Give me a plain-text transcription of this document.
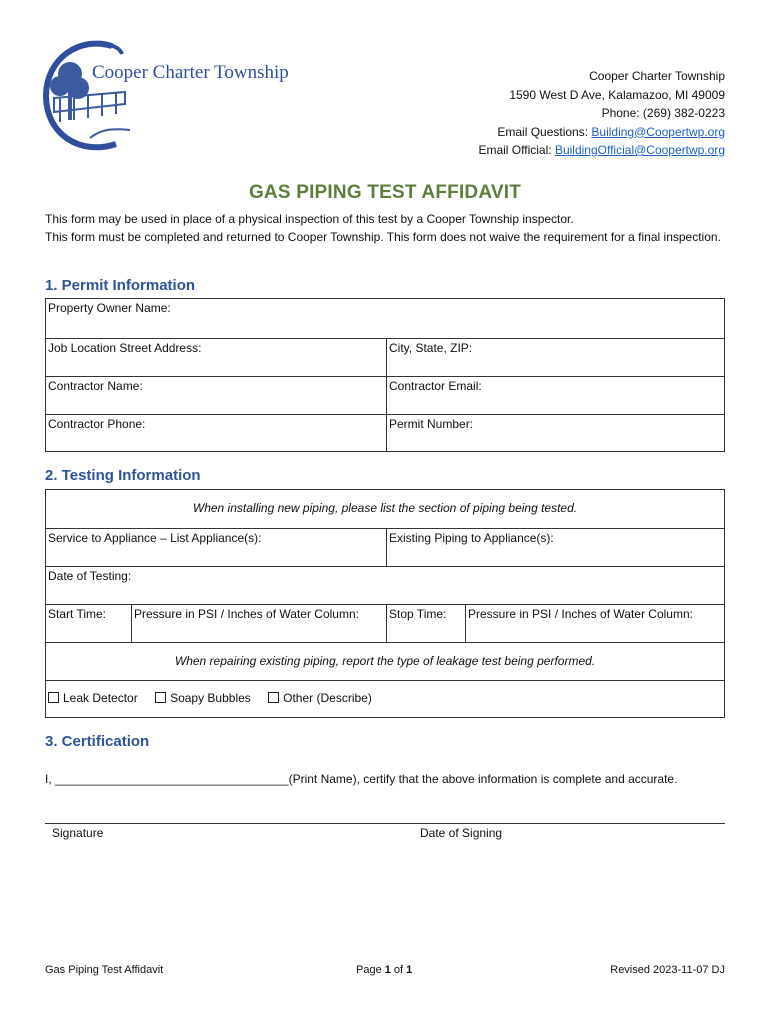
Cooper Charter Township	Cooper Charter Township
1590 West D Ave, Kalamazoo, MI 49009
Phone: (269) 382-0223
Email Questions: Building@Coopertwp.org
Email Official: BuildingOfficial@Coopertwp.org
GAS PIPING TEST AFFIDAVIT
This form may be used in place of a physical inspection of this test by a Cooper Township inspector.
This form must be completed and returned to Cooper Township. This form does not waive the requirement for a final inspection.
1. Permit Information
Property Owner Name:
Job Location Street Address:	City, State, ZIP:
Contractor Name:	Contractor Email:
Contractor Phone:	Permit Number:
2. Testing Information
When installing new piping, please list the section of piping being tested.
Service to Appliance – List Appliance(s):	Existing Piping to Appliance(s):
Date of Testing:
Start Time:	Pressure in PSI / Inches of Water Column:	Stop Time:	Pressure in PSI / Inches of Water Column:
When repairing existing piping, report the type of leakage test being performed.
Leak Detector	Soapy Bubbles	Other (Describe)
3. Certification
I, ___________________________________(Print Name), certify that the above information is complete and accurate.
Signature	Date of Signing
Gas Piping Test Affidavit	Page 1 of 1	Revised 2023-11-07 DJ
